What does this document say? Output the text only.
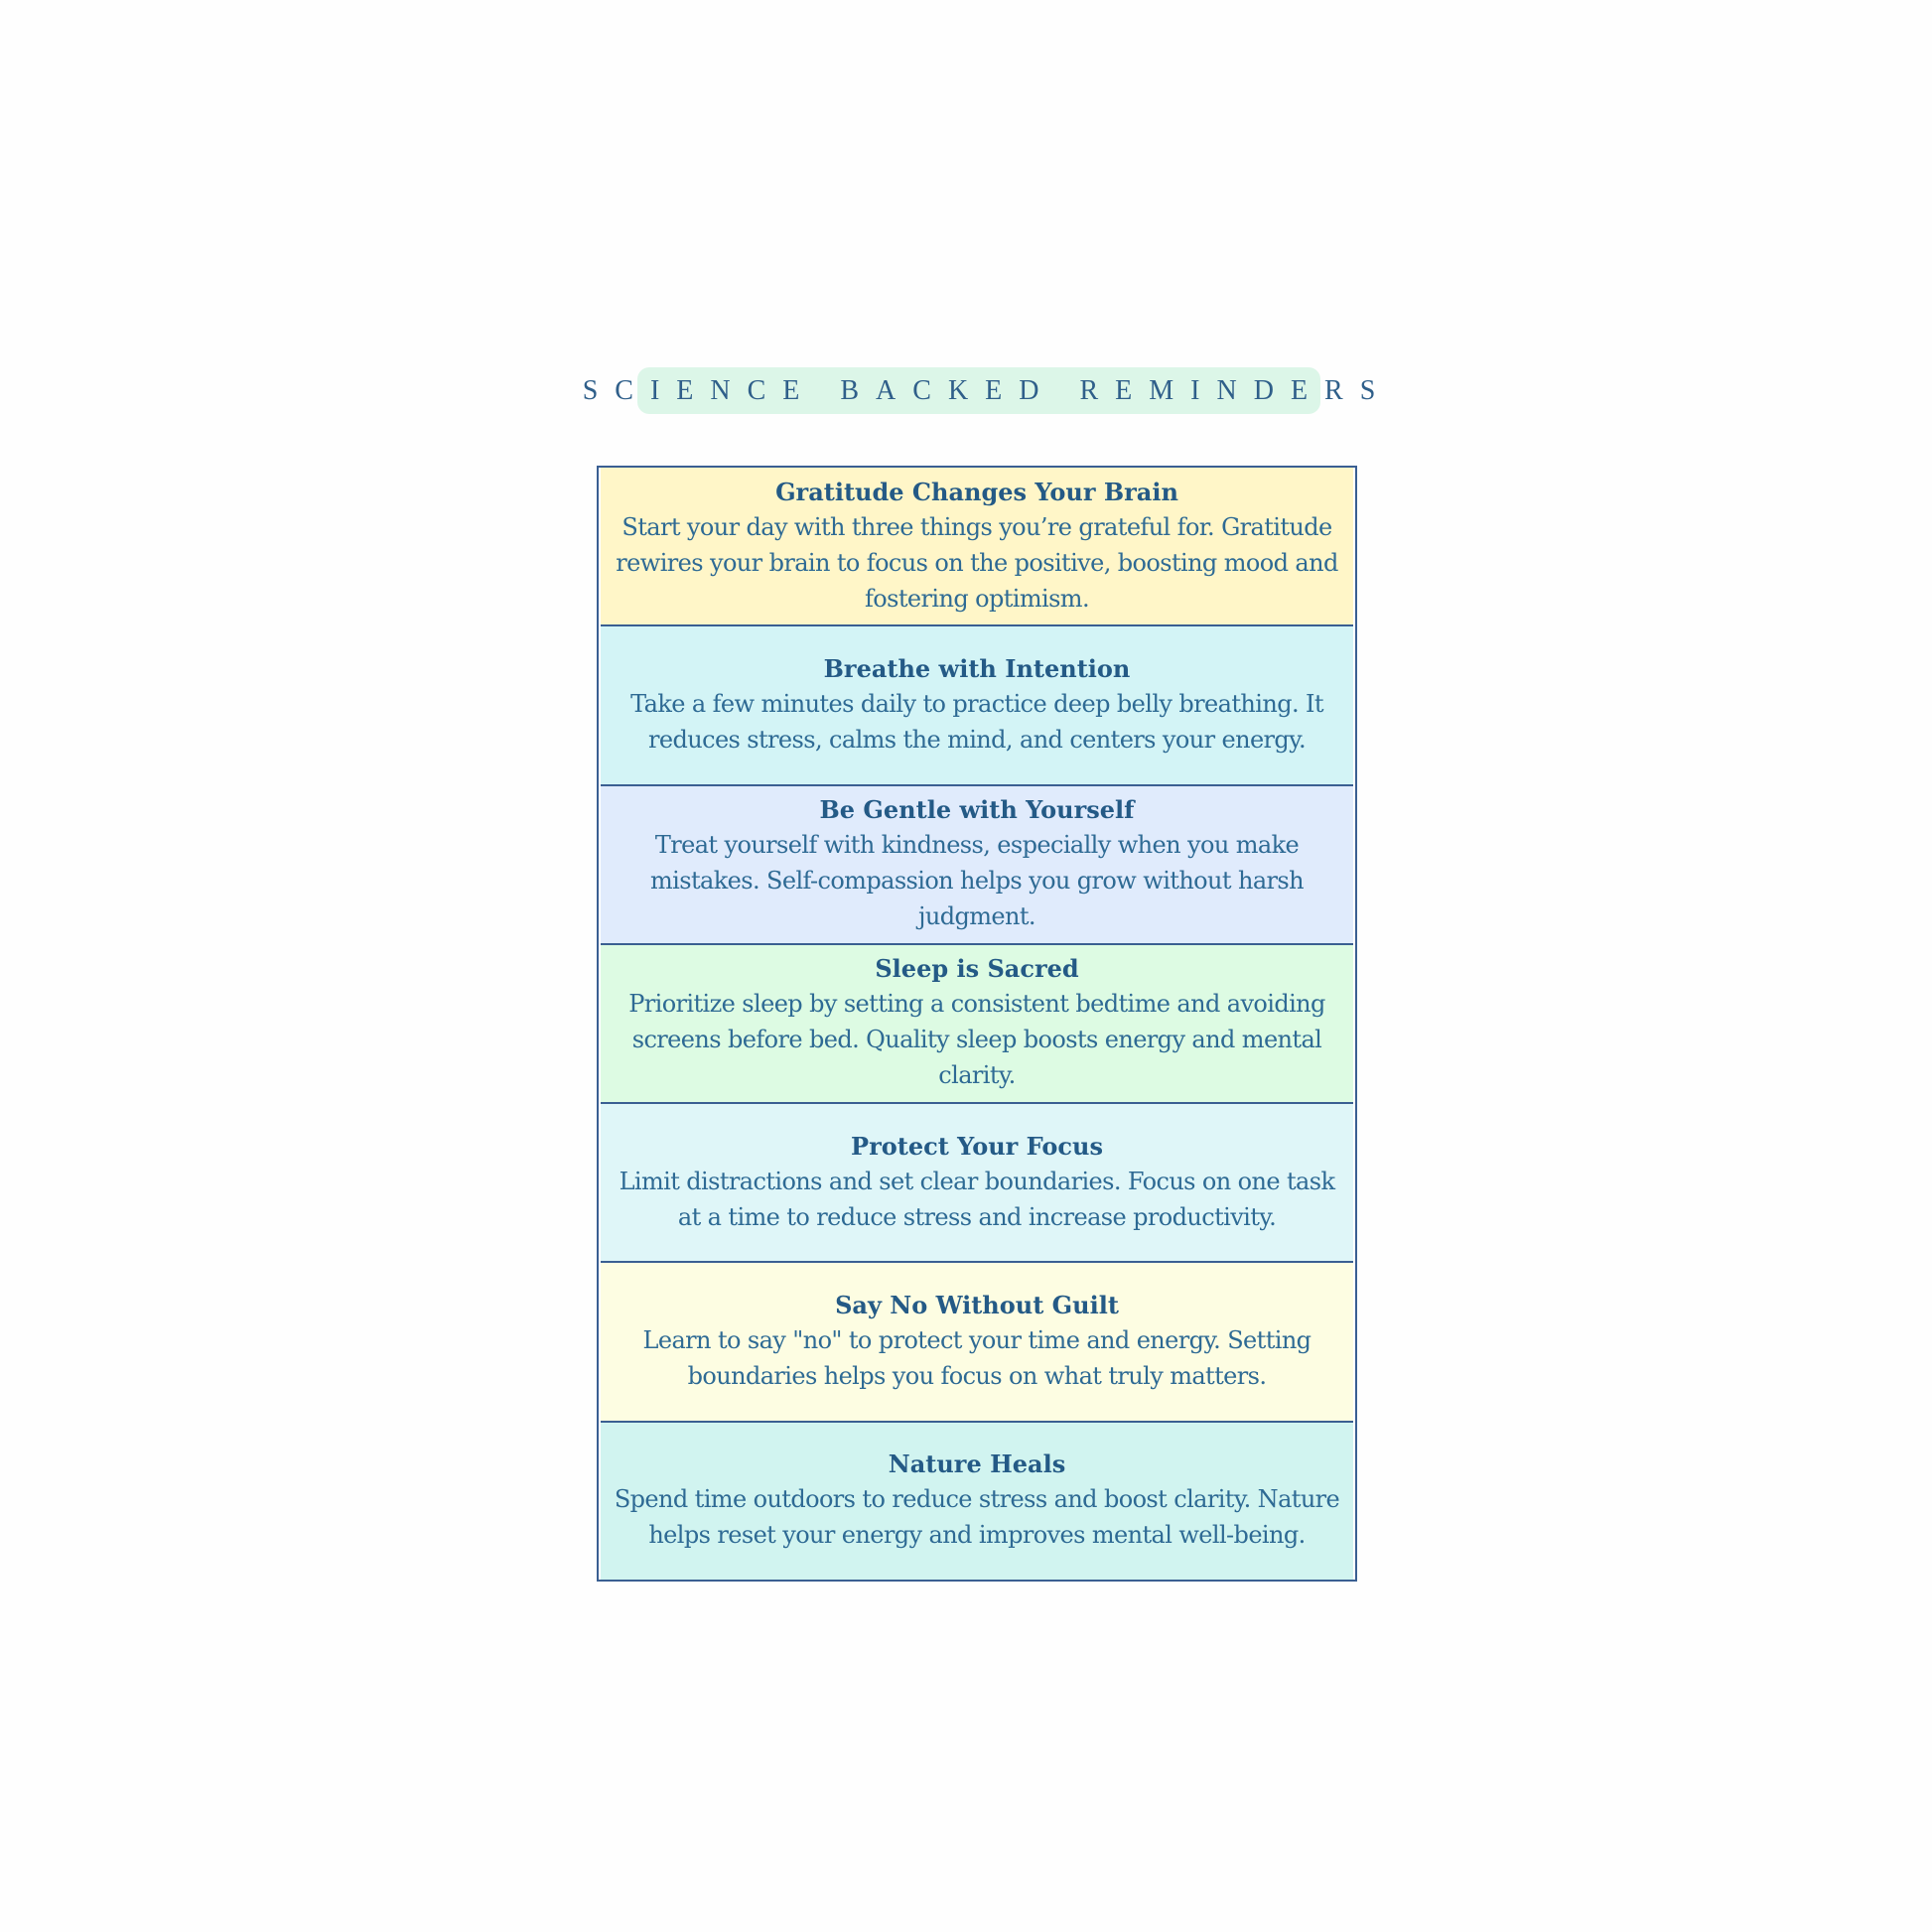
SCIENCE BACKED REMINDERS
Gratitude Changes Your Brain
Start your day with three things you’re grateful for. Gratitude rewires your brain to focus on the positive, boosting mood and fostering optimism.
Breathe with Intention
Take a few minutes daily to practice deep belly breathing. It reduces stress, calms the mind, and centers your energy.
Be Gentle with Yourself
Treat yourself with kindness, especially when you make mistakes. Self-compassion helps you grow without harsh judgment.
Sleep is Sacred
Prioritize sleep by setting a consistent bedtime and avoiding screens before bed. Quality sleep boosts energy and mental clarity.
Protect Your Focus
Limit distractions and set clear boundaries. Focus on one task at a time to reduce stress and increase productivity.
Say No Without Guilt
Learn to say "no" to protect your time and energy. Setting boundaries helps you focus on what truly matters.
Nature Heals
Spend time outdoors to reduce stress and boost clarity. Nature helps reset your energy and improves mental well-being.
